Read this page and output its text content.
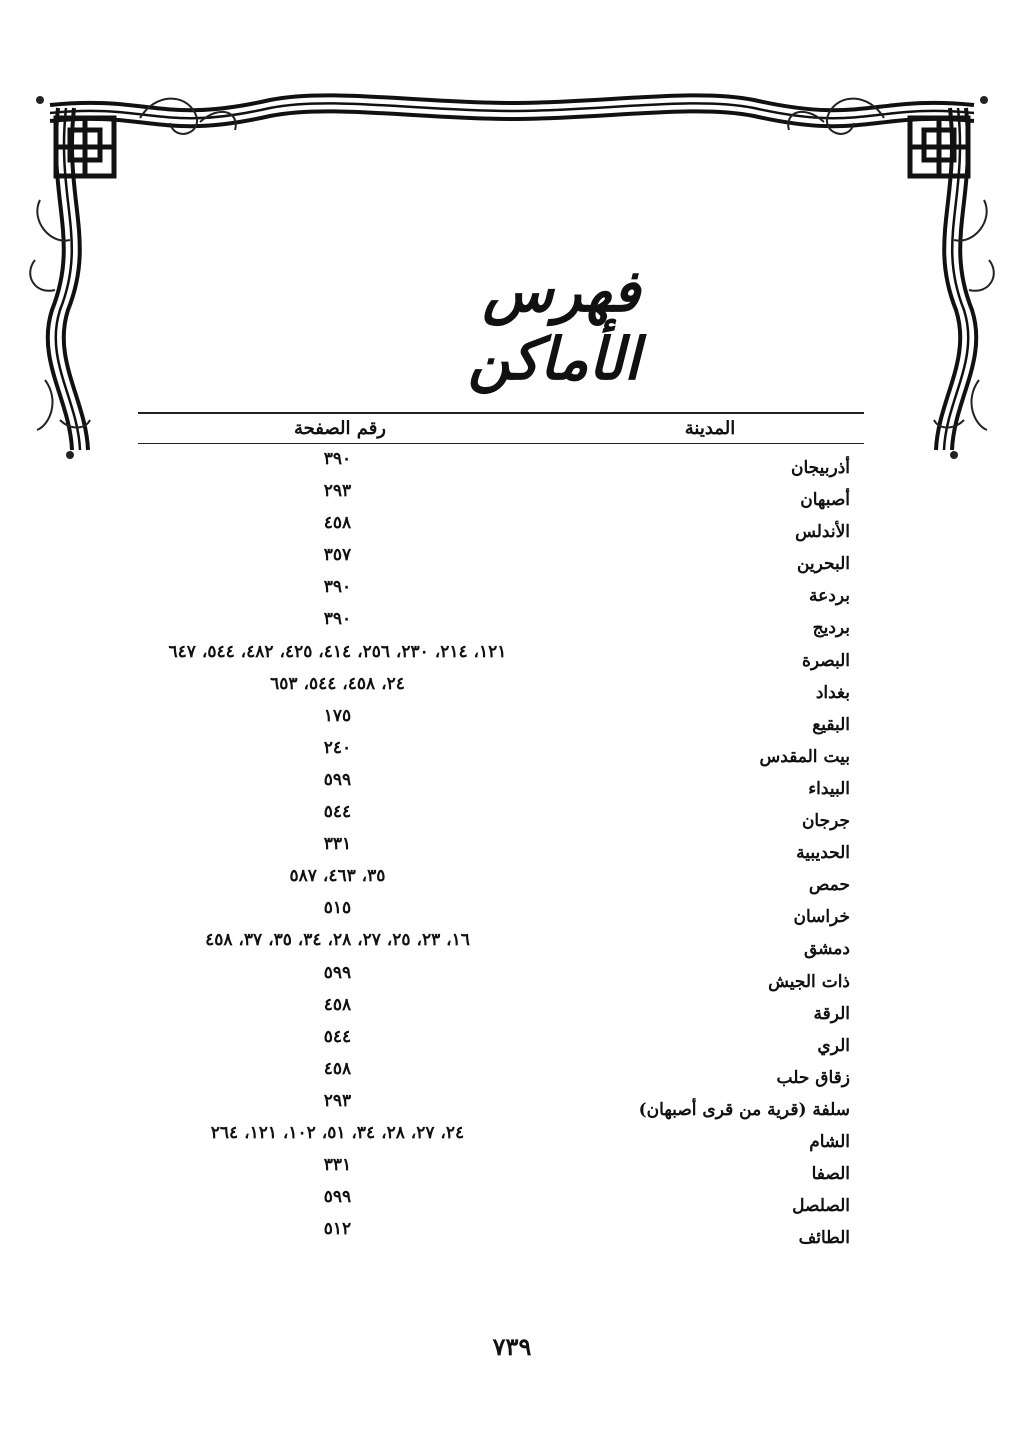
فهرس الأماكن
المدينة
رقم الصفحة
أذربيجان
٣٩٠
أصبهان
٢٩٣
الأندلس
٤٥٨
البحرين
٣٥٧
بردعة
٣٩٠
برديج
٣٩٠
البصرة
١٢١، ٢١٤، ٢٣٠، ٢٥٦، ٤١٤، ٤٢٥، ٤٨٢، ٥٤٤، ٦٤٧
بغداد
٢٤، ٤٥٨، ٥٤٤، ٦٥٣
البقيع
١٧٥
بيت المقدس
٢٤٠
البيداء
٥٩٩
جرجان
٥٤٤
الحديبية
٣٣١
حمص
٣٥، ٤٦٣، ٥٨٧
خراسان
٥١٥
دمشق
١٦، ٢٣، ٢٥، ٢٧، ٢٨، ٣٤، ٣٥، ٣٧، ٤٥٨
ذات الجيش
٥٩٩
الرقة
٤٥٨
الري
٥٤٤
زقاق حلب
٤٥٨
سلفة (قرية من قرى أصبهان)
٢٩٣
الشام
٢٤، ٢٧، ٢٨، ٣٤، ٥١، ١٠٢، ١٢١، ٢٦٤
الصفا
٣٣١
الصلصل
٥٩٩
الطائف
٥١٢
٧٣٩
